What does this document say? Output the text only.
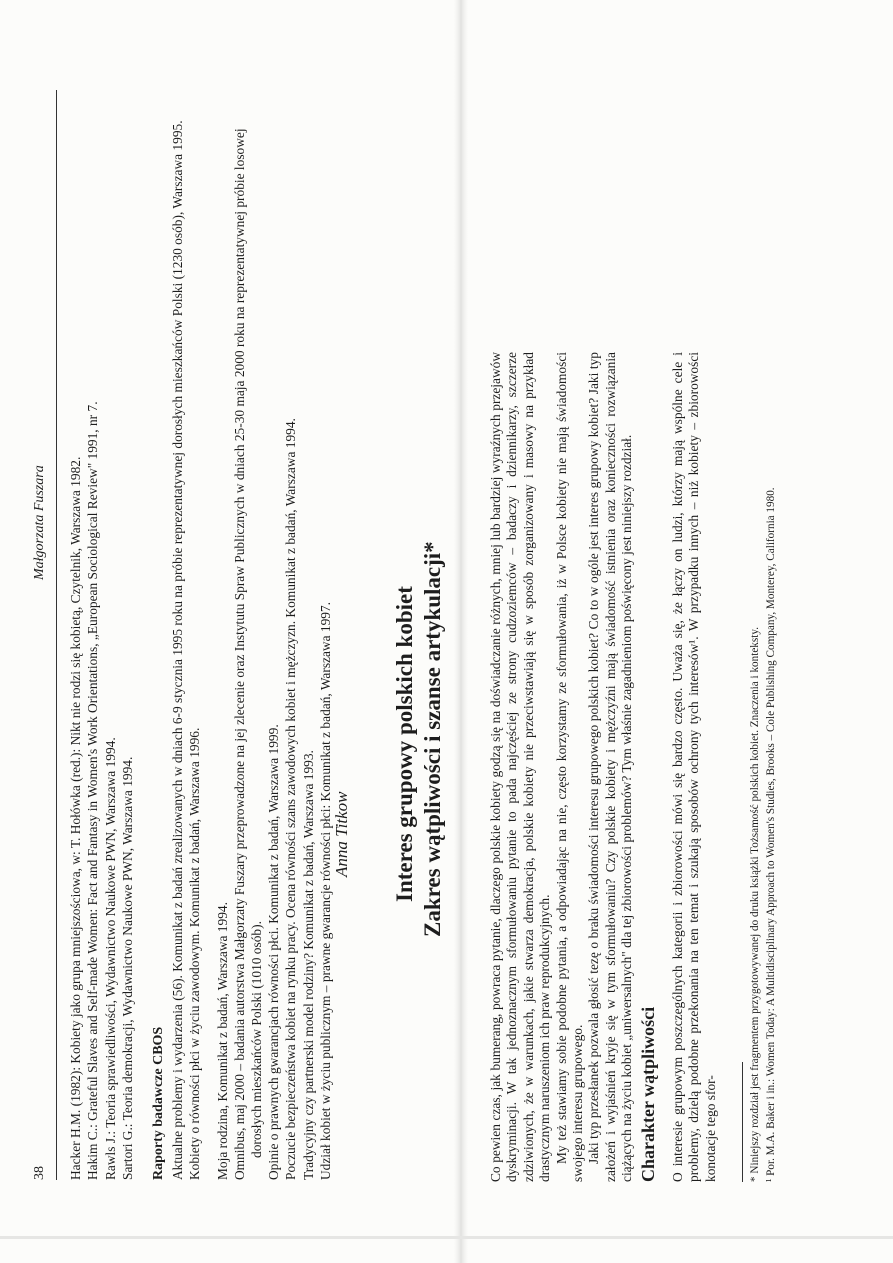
38
Małgorzata Fuszara Hacker H.M. (1982): Kobiety jako grupa mniejszościowa, w: T. Hołówka (red.): Nikt nie rodzi się kobietą, Czytelnik, Warszawa 1982. Hakim C.: Grateful Slaves and Self-made Women: Fact and Fantasy in Women's Work Orientations, „European Sociological Review" 1991, nr 7. Rawls J.: Teoria sprawiedliwości, Wydawnictwo Naukowe PWN, Warszawa 1994. Sartori G.: Teoria demokracji, Wydawnictwo Naukowe PWN, Warszawa 1994. Raporty badawcze CBOS Aktualne problemy i wydarzenia (56). Komunikat z badań zrealizowanych w dniach 6-9 stycznia 1995 roku na próbie reprezentatywnej dorosłych mieszkańców Polski (1230 osób), Warszawa 1995. Kobiety o równości płci w życiu zawodowym. Komunikat z badań, Warszawa 1996. Moja rodzina, Komunikat z badań, Warszawa 1994. Omnibus, maj 2000 – badania autorstwa Małgorzaty Fuszary przeprowadzone na jej zlecenie oraz Instytutu Spraw Publicznych w dniach 25-30 maja 2000 roku na reprezentatywnej próbie losowej dorosłych mieszkańców Polski (1010 osób). Opinie o prawnych gwarancjach równości płci. Komunikat z badań, Warszawa 1999. Poczucie bezpieczeństwa kobiet na rynku pracy. Ocena równości szans zawodowych kobiet i mężczyzn. Komunikat z badań, Warszawa 1994. Tradycyjny czy partnerski model rodziny? Komunikat z badań, Warszawa 1993. Udział kobiet w życiu publicznym – prawne gwarancje równości płci: Komunikat z badań, Warszawa 1997.
Anna Titkow Interes grupowy polskich kobiet Zakres wątpliwości i szanse artykulacji*	Co pewien czas, jak bumerang, powraca pytanie, dlaczego polskie kobiety godzą się na doświadczanie różnych, mniej lub bardziej wyraźnych przejawów dyskryminacji. W tak jednoznacznym sformułowaniu pytanie to pada najczęściej ze strony cudzoziemców – badaczy i dziennikarzy, szczerze zdziwionych, że w warunkach, jakie stwarza demokracja, polskie kobiety nie przeciwstawiają się w sposób zorganizowany i masowy na przykład drastycznym naruszeniom ich praw reprodukcyjnych. My też stawiamy sobie podobne pytania, a odpowiadając na nie, często korzystamy ze sformułowania, iż w Polsce kobiety nie mają świadomości swojego interesu grupowego. Jaki typ przesłanek pozwala głosić tezę o braku świadomości interesu grupowego polskich kobiet? Co to w ogóle jest interes grupowy kobiet? Jaki typ założeń i wyjaśnień kryje się w tym sformułowaniu? Czy polskie kobiety i mężczyźni mają świadomość istnienia oraz konieczności rozwiązania ciążących na życiu kobiet „uniwersalnych" dla tej zbiorowości problemów? Tym właśnie zagadnieniom poświęcony jest niniejszy rozdział. Charakter wątpliwości O interesie grupowym poszczególnych kategorii i zbiorowości mówi się bardzo często. Uważa się, że łączy on ludzi, którzy mają wspólne cele i problemy, dzielą podobne przekonania na ten temat i szukają sposobów ochrony tych interesów¹. W przypadku innych – niż kobiety – zbiorowości konotacje tego sfor-	* Niniejszy rozdział jest fragmentem przygotowywanej do druku książki Tożsamość polskich kobiet. Znaczenia i konteksty. ¹ Por. M.A. Baker i in.: Women Today: A Multidisciplinary Approach to Women's Studies, Brooks – Cole Publishing Company, Monterey, California 1980.
